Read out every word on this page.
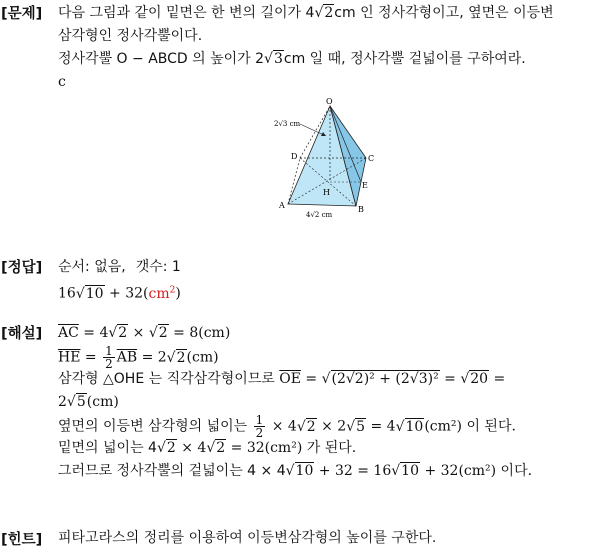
[문제] 다음 그림과 같이 밑면은 한 변의 길이가 4√2cm 인 정사각형이고, 옆면은 이등변
삼각형인 정사각뿔이다.
정사각뿔 O − ABCD 의 높이가 2√3cm 일 때, 정사각뿔 겉넓이를 구하여라.
c
O
A	B
C
D
E
H
2√3 cm
4√2 cm
[정답] 순서: 없음, 갯수: 1
$16√10 + 32(cm^2)$
[해설] $\overline{AC} = 4√2 \times √2 = 8(cm)$
$\overline{HE} = \frac{1}{2} \overline{AB} = 2√2(cm)$
삼각형 △OHE 는 직각삼각형이므로 $\overline{OE} = √(2√2)^2 + (2√3)^2 = √20$ =
2√5(cm)
옆면의 이등변 삼각형의 넓이는 $\frac{1}{2} \times 4√2 \times 2√5 = 4√10(cm^2)$ 이 된다.
밑면의 넓이는 4√2 × 4√2 = 32(cm²) 가 된다.
그러므로 정사각뿔의 겉넓이는 4 × 4√10 + 32 = 16√10 + 32(cm²) 이다.
[힌트] 피타고라스의 정리를 이용하여 이등변삼각형의 높이를 구한다.
